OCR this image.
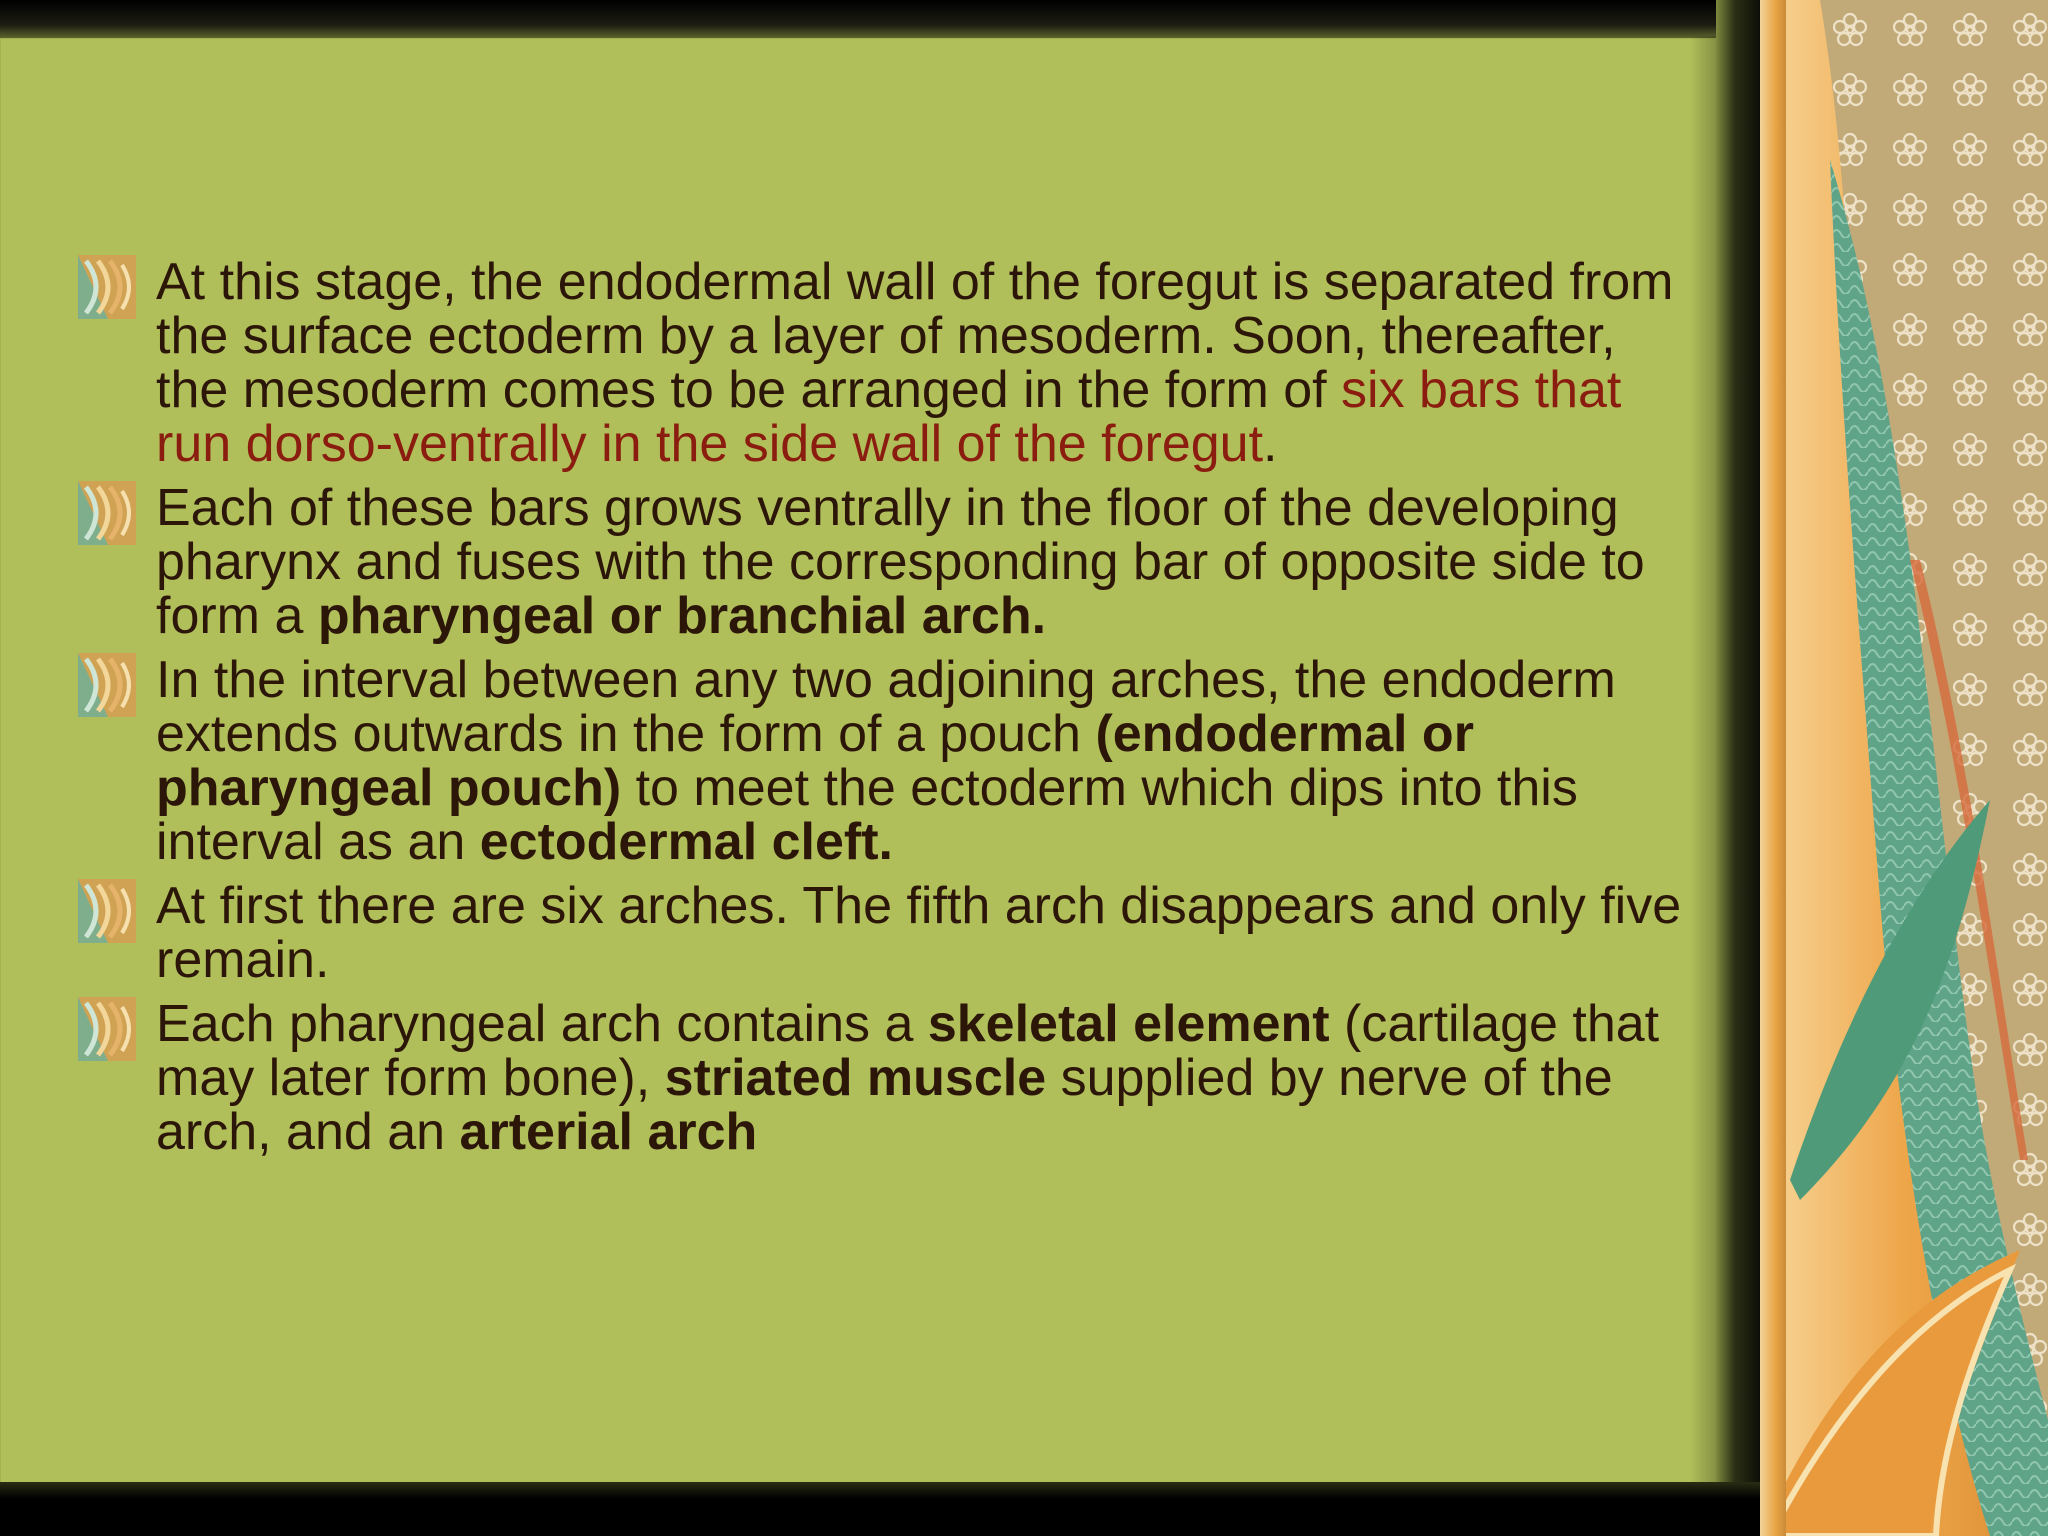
At this stage, the endodermal wall of the foregut is separated from the surface ectoderm by a layer of mesoderm. Soon, thereafter, the mesoderm comes to be arranged in the form of six bars that run dorso-ventrally in the side wall of the foregut.
Each of these bars grows ventrally in the floor of the developing pharynx and fuses with the corresponding bar of opposite side to form a pharyngeal or branchial arch.
In the interval between any two adjoining arches, the endoderm extends outwards in the form of a pouch (endodermal or pharyngeal pouch) to meet the ectoderm which dips into this interval as an ectodermal cleft.
At first there are six arches. The fifth arch disappears and only five remain.
Each pharyngeal arch contains a skeletal element (cartilage that may later form bone), striated muscle supplied by nerve of the arch, and an arterial arch
